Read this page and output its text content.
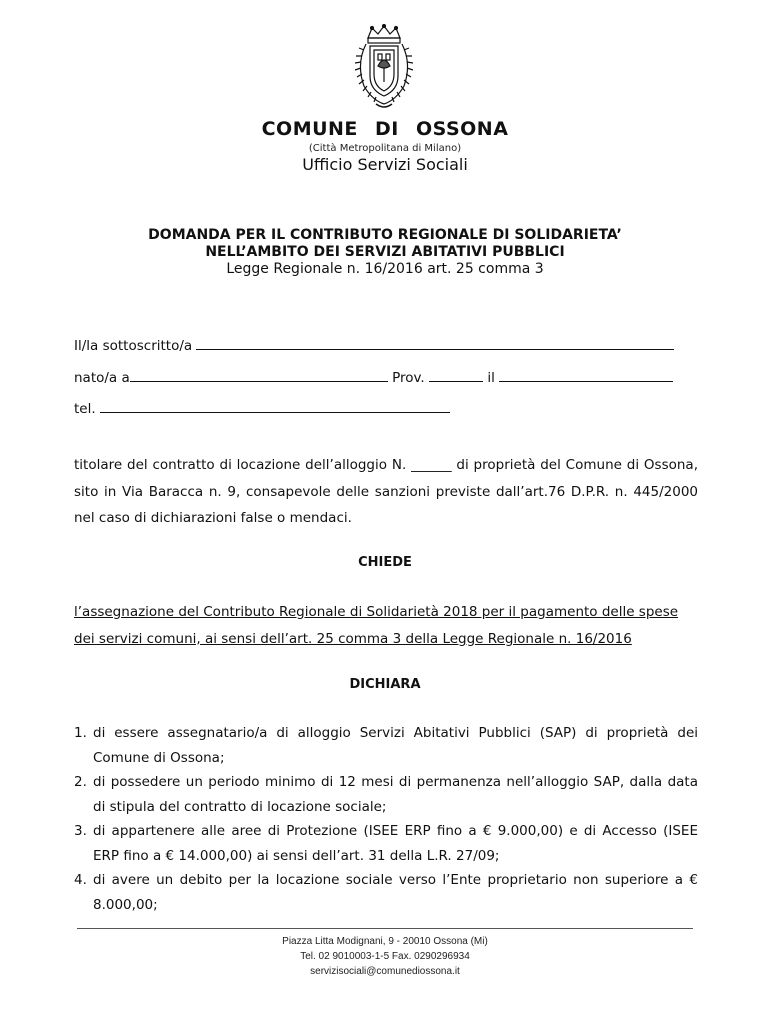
COMUNE DI OSSONA
(Città Metropolitana di Milano)
Ufficio Servizi Sociali
DOMANDA PER IL CONTRIBUTO REGIONALE DI SOLIDARIETA’
NELL’AMBITO DEI SERVIZI ABITATIVI PUBBLICI
Legge Regionale n. 16/2016 art. 25 comma 3
Il/la sottoscritto/a
nato/a a	Prov.	il
tel.
titolare del contratto di locazione dell’alloggio N. ______ di proprietà del Comune di Ossona, sito in Via Baracca n. 9, consapevole delle sanzioni previste dall’art.76 D.P.R. n. 445/2000 nel caso di dichiarazioni false o mendaci.
CHIEDE
l’assegnazione del Contributo Regionale di Solidarietà 2018 per il pagamento delle spese
dei servizi comuni, ai sensi dell’art. 25 comma 3 della Legge Regionale n. 16/2016
DICHIARA
1. di essere assegnatario/a di alloggio Servizi Abitativi Pubblici (SAP) di proprietà dei Comune di Ossona;
2. di possedere un periodo minimo di 12 mesi di permanenza nell’alloggio SAP, dalla data di stipula del contratto di locazione sociale;
3. di appartenere alle aree di Protezione (ISEE ERP fino a € 9.000,00) e di Accesso (ISEE ERP fino a € 14.000,00) ai sensi dell’art. 31 della L.R. 27/09;
4. di avere un debito per la locazione sociale verso l’Ente proprietario non superiore a € 8.000,00;
Piazza Litta Modignani, 9 - 20010 Ossona (Mi)
Tel. 02 9010003-1-5 Fax. 0290296934
servizisociali@comunediossona.it
